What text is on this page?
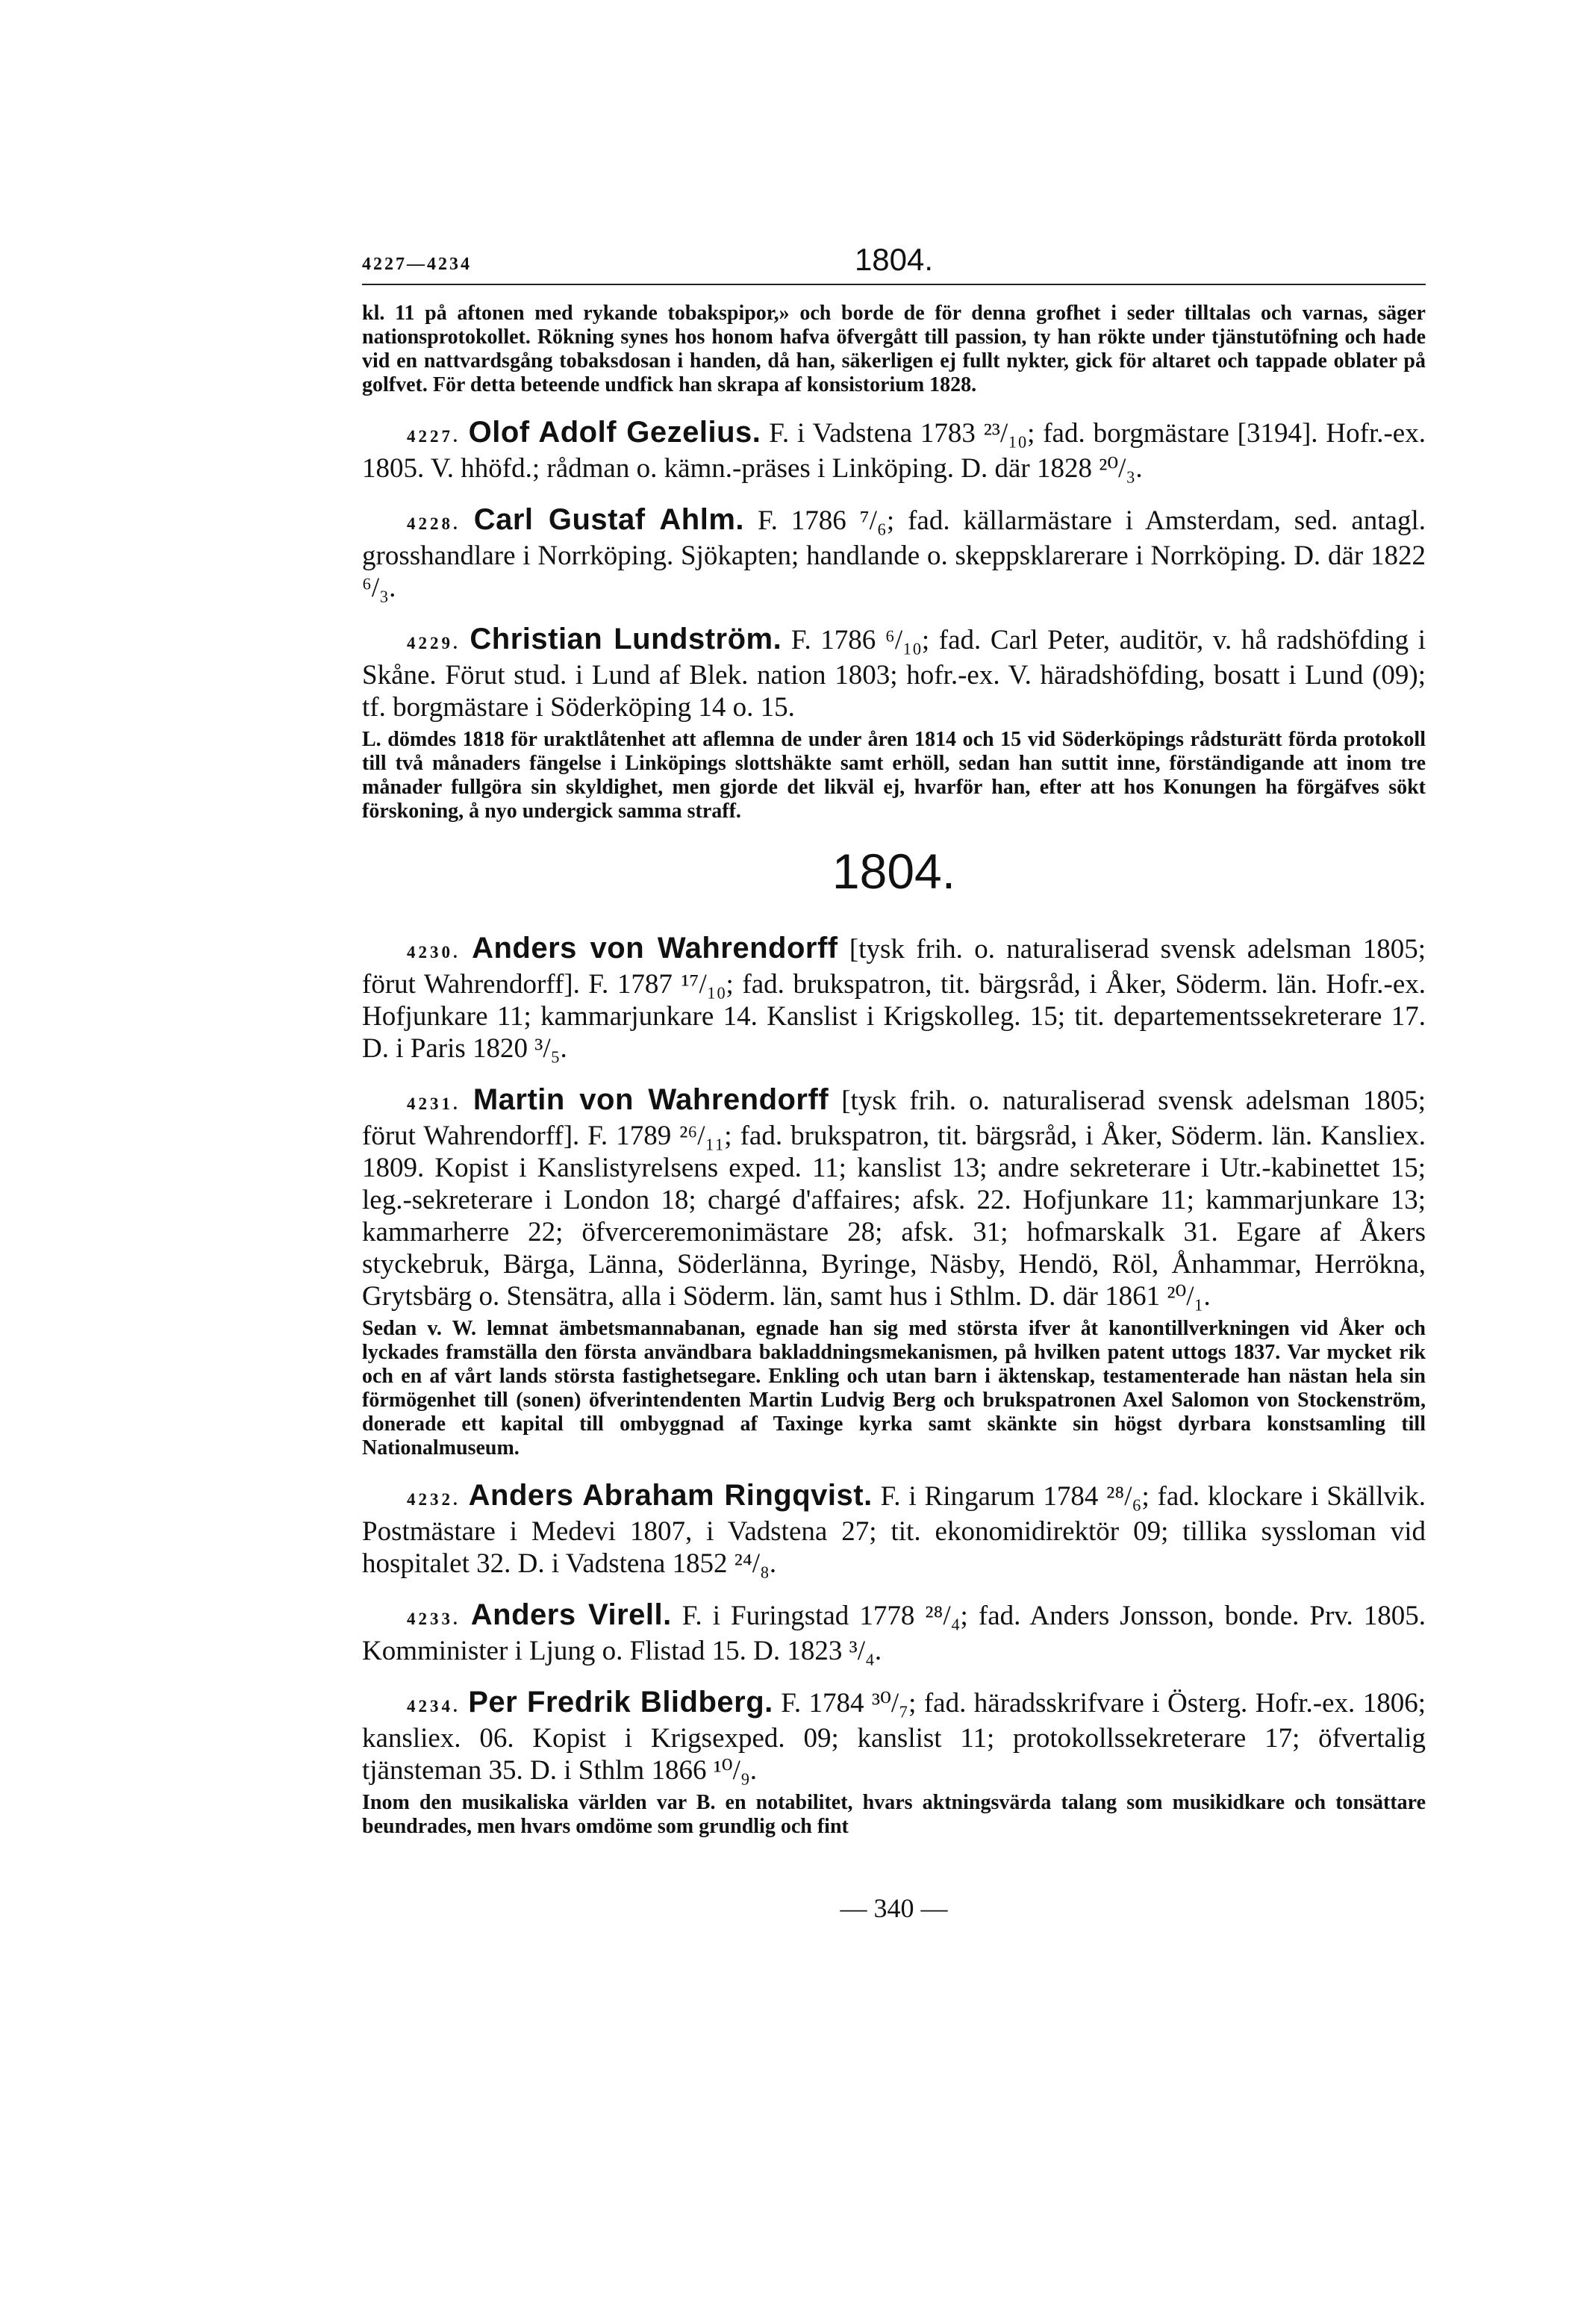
4227—4234	1804.

kl. 11 på aftonen med rykande tobakspipor,» och borde de för denna grofhet i seder tilltalas och varnas, säger nationsprotokollet. Rökning synes hos honom hafva öfvergått till passion, ty han rökte under tjänstutöfning och hade vid en nattvardsgång tobaksdosan i handen, då han, säkerligen ej fullt nykter, gick för altaret och tappade oblater på golfvet. För detta beteende undfick han skrapa af konsistorium 1828.

4227. Olof Adolf Gezelius. F. i Vadstena 1783 ²³/₁₀; fad. borgmästare [3194]. Hofr.-ex. 1805. V. hhöfd.; rådman o. kämn.-präses i Linköping. D. där 1828 ²⁰/₃.

4228. Carl Gustaf Ahlm. F. 1786 ⁷/₆; fad. källarmästare i Amsterdam, sed. antagl. grosshandlare i Norrköping. Sjökapten; handlande o. skeppsklarerare i Norrköping. D. där 1822 ⁶/₃.

4229. Christian Lundström. F. 1786 ⁶/₁₀; fad. Carl Peter, auditör, v. hå radshöfding i Skåne. Förut stud. i Lund af Blek. nation 1803; hofr.-ex. V. häradshöfding, bosatt i Lund (09); tf. borgmästare i Söderköping 14 o. 15.

L. dömdes 1818 för uraktlåtenhet att aflemna de under åren 1814 och 15 vid Söderköpings rådsturätt förda protokoll till två månaders fängelse i Linköpings slottshäkte samt erhöll, sedan han suttit inne, förständigande att inom tre månader fullgöra sin skyldighet, men gjorde det likväl ej, hvarför han, efter att hos Konungen ha förgäfves sökt förskoning, å nyo undergick samma straff.

1804.

4230. Anders von Wahrendorff [tysk frih. o. naturaliserad svensk adelsman 1805; förut Wahrendorff]. F. 1787 ¹⁷/₁₀; fad. brukspatron, tit. bärgsråd, i Åker, Söderm. län. Hofr.-ex. Hofjunkare 11; kammarjunkare 14. Kanslist i Krigskolleg. 15; tit. departementssekreterare 17. D. i Paris 1820 ³/₅.

4231. Martin von Wahrendorff [tysk frih. o. naturaliserad svensk adelsman 1805; förut Wahrendorff]. F. 1789 ²⁶/₁₁; fad. brukspatron, tit. bärgsråd, i Åker, Söderm. län. Kansliex. 1809. Kopist i Kanslistyrelsens exped. 11; kanslist 13; andre sekreterare i Utr.-kabinettet 15; leg.-sekreterare i London 18; chargé d'affaires; afsk. 22. Hofjunkare 11; kammarjunkare 13; kammarherre 22; öfverceremonimästare 28; afsk. 31; hofmarskalk 31. Egare af Åkers styckebruk, Bärga, Länna, Söderlänna, Byringe, Näsby, Hendö, Röl, Ånhammar, Herrökna, Grytsbärg o. Stensätra, alla i Söderm. län, samt hus i Sthlm. D. där 1861 ²⁰/₁.

Sedan v. W. lemnat ämbetsmannabanan, egnade han sig med största ifver åt kanontillverkningen vid Åker och lyckades framställa den första användbara bakladdningsmekanismen, på hvilken patent uttogs 1837. Var mycket rik och en af vårt lands största fastighetsegare. Enkling och utan barn i äktenskap, testamenterade han nästan hela sin förmögenhet till (sonen) öfverintendenten Martin Ludvig Berg och brukspatronen Axel Salomon von Stockenström, donerade ett kapital till ombyggnad af Taxinge kyrka samt skänkte sin högst dyrbara konstsamling till Nationalmuseum.

4232. Anders Abraham Ringqvist. F. i Ringarum 1784 ²⁸/₆; fad. klockare i Skällvik. Postmästare i Medevi 1807, i Vadstena 27; tit. ekonomidirektör 09; tillika syssloman vid hospitalet 32. D. i Vadstena 1852 ²⁴/₈.

4233. Anders Virell. F. i Furingstad 1778 ²⁸/₄; fad. Anders Jonsson, bonde. Prv. 1805. Komminister i Ljung o. Flistad 15. D. 1823 ³/₄.

4234. Per Fredrik Blidberg. F. 1784 ³⁰/₇; fad. häradsskrifvare i Österg. Hofr.-ex. 1806; kansliex. 06. Kopist i Krigsexped. 09; kanslist 11; protokollssekreterare 17; öfvertalig tjänsteman 35. D. i Sthlm 1866 ¹⁰/₉.

Inom den musikaliska världen var B. en notabilitet, hvars aktningsvärda talang som musikidkare och tonsättare beundrades, men hvars omdöme som grundlig och fint

— 340 —
